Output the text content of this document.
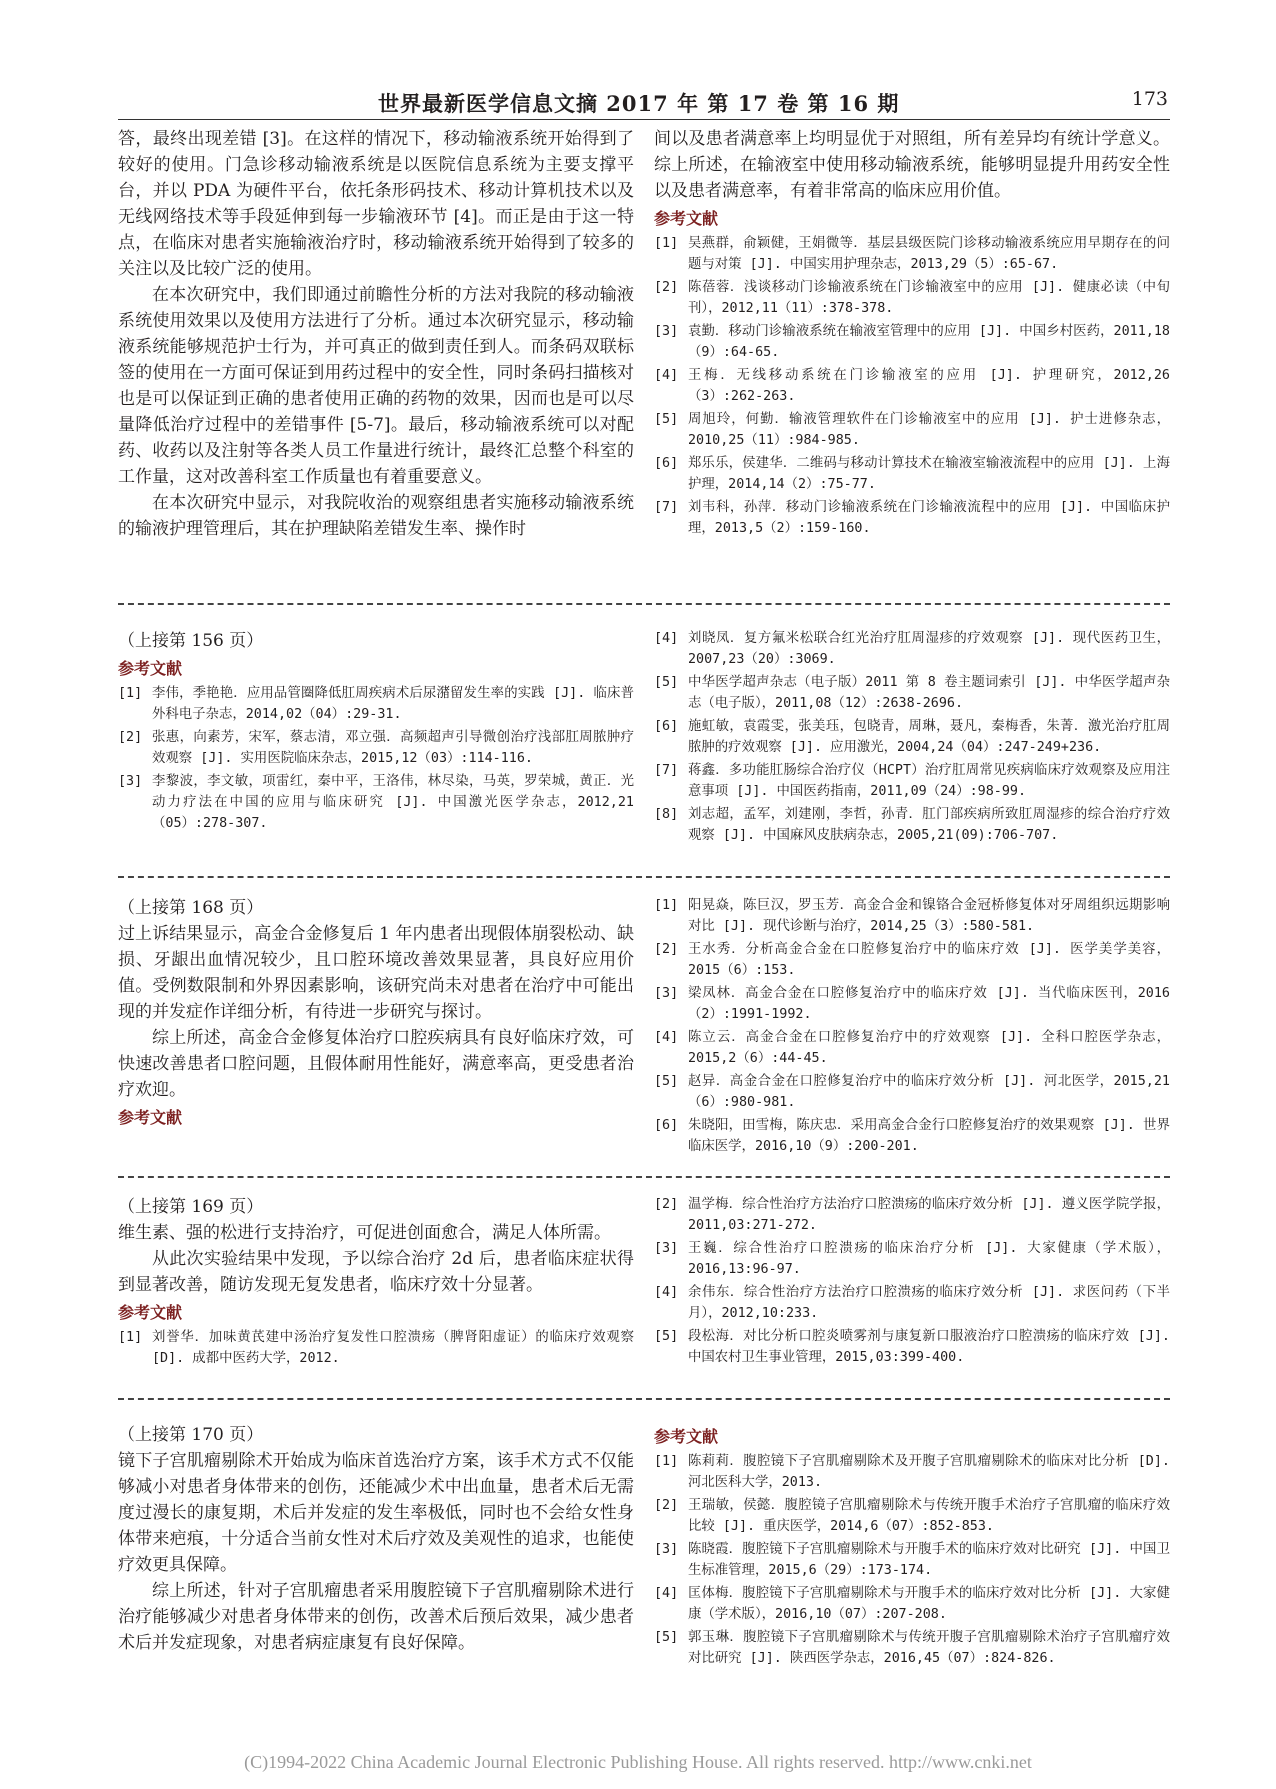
世界最新医学信息文摘 2017 年 第 17 卷 第 16 期	173

答，最终出现差错 [3]。在这样的情况下，移动输液系统开始得到了较好的使用。门急诊移动输液系统是以医院信息系统为主要支撑平台，并以 PDA 为硬件平台，依托条形码技术、移动计算机技术以及无线网络技术等手段延伸到每一步输液环节 [4]。而正是由于这一特点，在临床对患者实施输液治疗时，移动输液系统开始得到了较多的关注以及比较广泛的使用。

在本次研究中，我们即通过前瞻性分析的方法对我院的移动输液系统使用效果以及使用方法进行了分析。通过本次研究显示，移动输液系统能够规范护士行为，并可真正的做到责任到人。而条码双联标签的使用在一方面可保证到用药过程中的安全性，同时条码扫描核对也是可以保证到正确的患者使用正确的药物的效果，因而也是可以尽量降低治疗过程中的差错事件 [5-7]。最后，移动输液系统可以对配药、收药以及注射等各类人员工作量进行统计，最终汇总整个科室的工作量，这对改善科室工作质量也有着重要意义。

在本次研究中显示，对我院收治的观察组患者实施移动输液系统的输液护理管理后，其在护理缺陷差错发生率、操作时

间以及患者满意率上均明显优于对照组，所有差异均有统计学意义。综上所述，在输液室中使用移动输液系统，能够明显提升用药安全性以及患者满意率，有着非常高的临床应用价值。

参考文献
[1] 吴燕群，俞颖健，王娟微等．基层县级医院门诊移动输液系统应用早期存在的问题与对策 [J]. 中国实用护理杂志，2013,29（5）:65-67.
[2] 陈蓓蓉．浅谈移动门诊输液系统在门诊输液室中的应用 [J]. 健康必读（中旬刊），2012,11（11）:378-378.
[3] 袁勤．移动门诊输液系统在输液室管理中的应用 [J]. 中国乡村医药，2011,18（9）:64-65.
[4] 王梅．无线移动系统在门诊输液室的应用 [J]. 护理研究，2012,26（3）:262-263.
[5] 周旭玲，何勤．输液管理软件在门诊输液室中的应用 [J]. 护士进修杂志，2010,25（11）:984-985.
[6] 郑乐乐，侯建华．二维码与移动计算技术在输液室输液流程中的应用 [J]. 上海护理，2014,14（2）:75-77.
[7] 刘韦科，孙萍．移动门诊输液系统在门诊输液流程中的应用 [J]. 中国临床护理，2013,5（2）:159-160.

（上接第 156 页）

参考文献
[1] 李伟，季艳艳．应用品管圈降低肛周疾病术后尿潴留发生率的实践 [J]. 临床普外科电子杂志，2014,02（04）:29-31.
[2] 张惠，向素芳，宋军，蔡志清，邓立强．高频超声引导微创治疗浅部肛周脓肿疗效观察 [J]. 实用医院临床杂志，2015,12（03）:114-116.
[3] 李黎波，李文敏，项雷红，秦中平，王洛伟，林尽染，马英，罗荣城，黄正．光动力疗法在中国的应用与临床研究 [J]. 中国激光医学杂志，2012,21（05）:278-307.
[4] 刘晓凤．复方氟米松联合红光治疗肛周湿疹的疗效观察 [J]. 现代医药卫生，2007,23（20）:3069.
[5] 中华医学超声杂志（电子版）2011 第 8 卷主题词索引 [J]. 中华医学超声杂志（电子版），2011,08（12）:2638-2696.
[6] 施虹敏，袁霞雯，张美珏，包晓青，周琳，聂凡，秦梅香，朱菁．激光治疗肛周脓肿的疗效观察 [J]. 应用激光，2004,24（04）:247-249+236.
[7] 蒋鑫．多功能肛肠综合治疗仪（HCPT）治疗肛周常见疾病临床疗效观察及应用注意事项 [J]. 中国医药指南，2011,09（24）:98-99.
[8] 刘志超，孟军，刘建刚，李哲，孙青．肛门部疾病所致肛周湿疹的综合治疗疗效观察 [J]. 中国麻风皮肤病杂志，2005,21(09):706-707.

（上接第 168 页）

过上诉结果显示，高金合金修复后 1 年内患者出现假体崩裂松动、缺损、牙龈出血情况较少，且口腔环境改善效果显著，具良好应用价值。受例数限制和外界因素影响，该研究尚未对患者在治疗中可能出现的并发症作详细分析，有待进一步研究与探讨。

综上所述，高金合金修复体治疗口腔疾病具有良好临床疗效，可快速改善患者口腔问题，且假体耐用性能好，满意率高，更受患者治疗欢迎。

参考文献
[1] 阳晃焱，陈巨汉，罗玉芳．高金合金和镍铬合金冠桥修复体对牙周组织远期影响对比 [J]. 现代诊断与治疗，2014,25（3）:580-581.
[2] 王水秀．分析高金合金在口腔修复治疗中的临床疗效 [J]. 医学美学美容，2015（6）:153.
[3] 梁凤林．高金合金在口腔修复治疗中的临床疗效 [J]. 当代临床医刊，2016（2）:1991-1992.
[4] 陈立云．高金合金在口腔修复治疗中的疗效观察 [J]. 全科口腔医学杂志，2015,2（6）:44-45.
[5] 赵异．高金合金在口腔修复治疗中的临床疗效分析 [J]. 河北医学，2015,21（6）:980-981.
[6] 朱晓阳，田雪梅，陈庆忠．采用高金合金行口腔修复治疗的效果观察 [J]. 世界临床医学，2016,10（9）:200-201.

（上接第 169 页）

维生素、强的松进行支持治疗，可促进创面愈合，满足人体所需。

从此次实验结果中发现，予以综合治疗 2d 后，患者临床症状得到显著改善，随访发现无复发患者，临床疗效十分显著。

参考文献
[1] 刘誉华．加味黄芪建中汤治疗复发性口腔溃疡（脾肾阳虚证）的临床疗效观察 [D]. 成都中医药大学，2012.
[2] 温学梅．综合性治疗方法治疗口腔溃疡的临床疗效分析 [J]. 遵义医学院学报，2011,03:271-272.
[3] 王巍．综合性治疗口腔溃疡的临床治疗分析 [J]. 大家健康（学术版），2016,13:96-97.
[4] 余伟东．综合性治疗方法治疗口腔溃疡的临床疗效分析 [J]. 求医问药（下半月），2012,10:233.
[5] 段松海．对比分析口腔炎喷雾剂与康复新口服液治疗口腔溃疡的临床疗效 [J]. 中国农村卫生事业管理，2015,03:399-400.

（上接第 170 页）

镜下子宫肌瘤剔除术开始成为临床首选治疗方案，该手术方式不仅能够减小对患者身体带来的创伤，还能减少术中出血量，患者术后无需度过漫长的康复期，术后并发症的发生率极低，同时也不会给女性身体带来疤痕，十分适合当前女性对术后疗效及美观性的追求，也能使疗效更具保障。

综上所述，针对子宫肌瘤患者采用腹腔镜下子宫肌瘤剔除术进行治疗能够减少对患者身体带来的创伤，改善术后预后效果，减少患者术后并发症现象，对患者病症康复有良好保障。

参考文献
[1] 陈莉莉．腹腔镜下子宫肌瘤剔除术及开腹子宫肌瘤剔除术的临床对比分析 [D]. 河北医科大学，2013.
[2] 王瑞敏，侯懿．腹腔镜子宫肌瘤剔除术与传统开腹手术治疗子宫肌瘤的临床疗效比较 [J]. 重庆医学，2014,6（07）:852-853.
[3] 陈晓霞．腹腔镜下子宫肌瘤剔除术与开腹手术的临床疗效对比研究 [J]. 中国卫生标准管理，2015,6（29）:173-174.
[4] 匡体梅．腹腔镜下子宫肌瘤剔除术与开腹手术的临床疗效对比分析 [J]. 大家健康（学术版），2016,10（07）:207-208.
[5] 郭玉琳．腹腔镜下子宫肌瘤剔除术与传统开腹子宫肌瘤剔除术治疗子宫肌瘤疗效对比研究 [J]. 陕西医学杂志，2016,45（07）:824-826.
(C)1994-2022 China Academic Journal Electronic Publishing House. All rights reserved. http://www.cnki.net
